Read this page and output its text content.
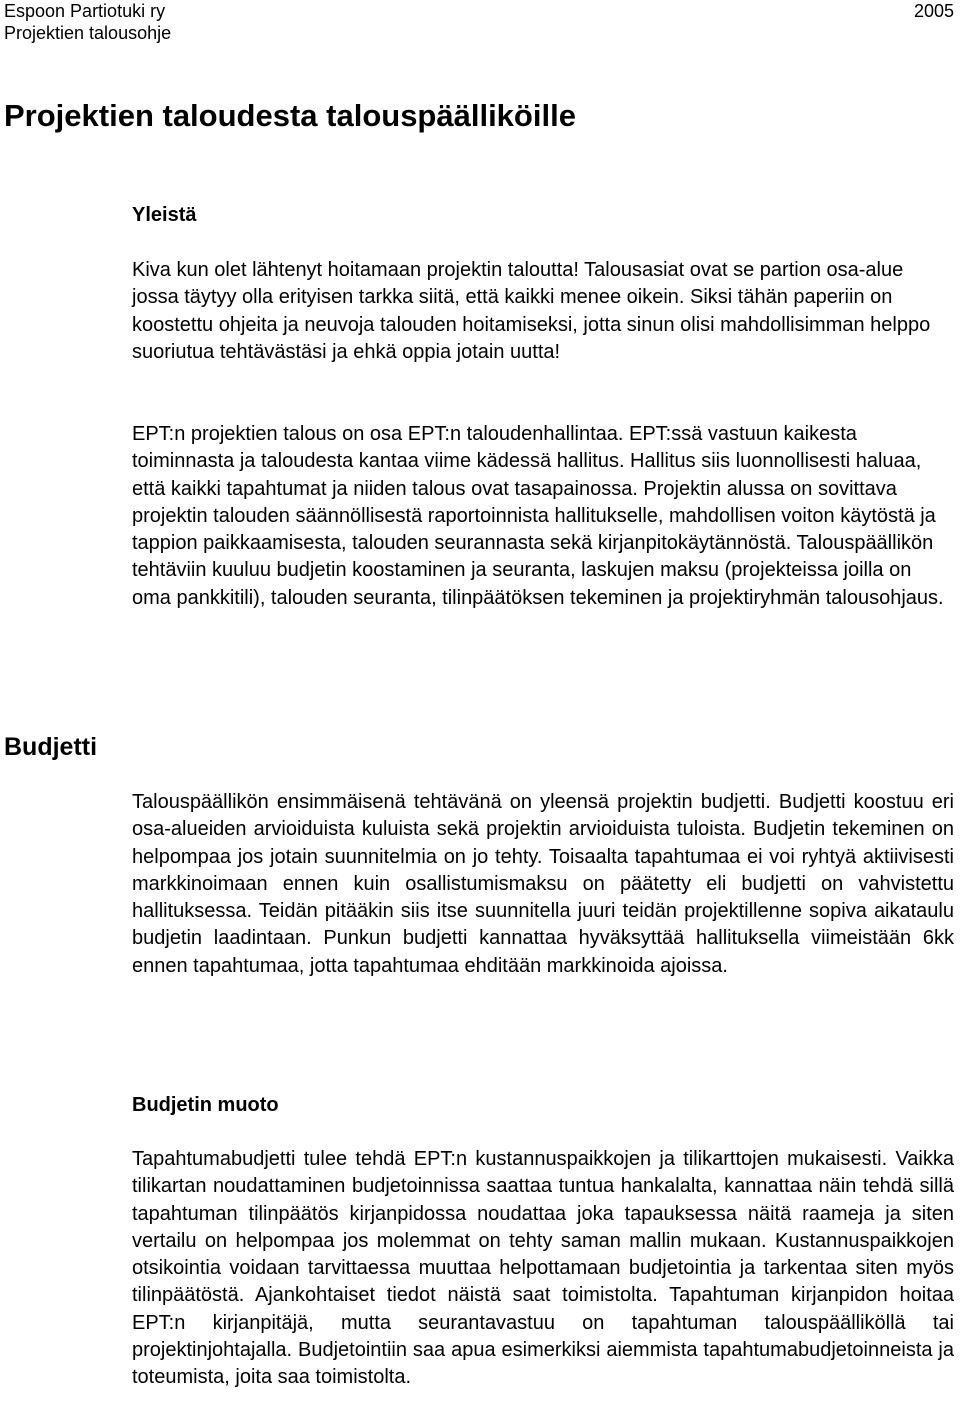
Espoon Partiotuki ry
Projektien talousohje
2005
Projektien taloudesta talouspäälliköille
Yleistä

Kiva kun olet lähtenyt hoitamaan projektin taloutta! Talousasiat ovat se partion osa-alue jossa täytyy olla erityisen tarkka siitä, että kaikki menee oikein. Siksi tähän paperiin on koostettu ohjeita ja neuvoja talouden hoitamiseksi, jotta sinun olisi mahdollisimman helppo suoriutua tehtävästäsi ja ehkä oppia jotain uutta!

EPT:n projektien talous on osa EPT:n taloudenhallintaa. EPT:ssä vastuun kaikesta toiminnasta ja taloudesta kantaa viime kädessä hallitus. Hallitus siis luonnollisesti haluaa, että kaikki tapahtumat ja niiden talous ovat tasapainossa. Projektin alussa on sovittava projektin talouden säännöllisestä raportoinnista hallitukselle, mahdollisen voiton käytöstä ja tappion paikkaamisesta, talouden seurannasta sekä kirjanpitokäytännöstä. Talouspäällikön tehtäviin kuuluu budjetin koostaminen ja seuranta, laskujen maksu (projekteissa joilla on oma pankkitili), talouden seuranta, tilinpäätöksen tekeminen ja projektiryhmän talousohjaus.

Budjetti

Talouspäällikön ensimmäisenä tehtävänä on yleensä projektin budjetti. Budjetti koostuu eri osa-alueiden arvioiduista kuluista sekä projektin arvioiduista tuloista. Budjetin tekeminen on helpompaa jos jotain suunnitelmia on jo tehty. Toisaalta tapahtumaa ei voi ryhtyä aktiivisesti markkinoimaan ennen kuin osallistumismaksu on päätetty eli budjetti on vahvistettu hallituksessa. Teidän pitääkin siis itse suunnitella juuri teidän projektillenne sopiva aikataulu budjetin laadintaan. Punkun budjetti kannattaa hyväksyttää hallituksella viimeistään 6kk ennen tapahtumaa, jotta tapahtumaa ehditään markkinoida ajoissa.

Budjetin muoto

Tapahtumabudjetti tulee tehdä EPT:n kustannuspaikkojen ja tilikarttojen mukaisesti. Vaikka tilikartan noudattaminen budjetoinnissa saattaa tuntua hankalalta, kannattaa näin tehdä sillä tapahtuman tilinpäätös kirjanpidossa noudattaa joka tapauksessa näitä raameja ja siten vertailu on helpompaa jos molemmat on tehty saman mallin mukaan. Kustannuspaikkojen otsikointia voidaan tarvittaessa muuttaa helpottamaan budjetointia ja tarkentaa siten myös tilinpäätöstä. Ajankohtaiset tiedot näistä saat toimistolta. Tapahtuman kirjanpidon hoitaa EPT:n kirjanpitäjä, mutta seurantavastuu on tapahtuman talouspäälliköllä tai projektinjohtajalla. Budjetointiin saa apua esimerkiksi aiemmista tapahtumabudjetoinneista ja toteumista, joita saa toimistolta.
